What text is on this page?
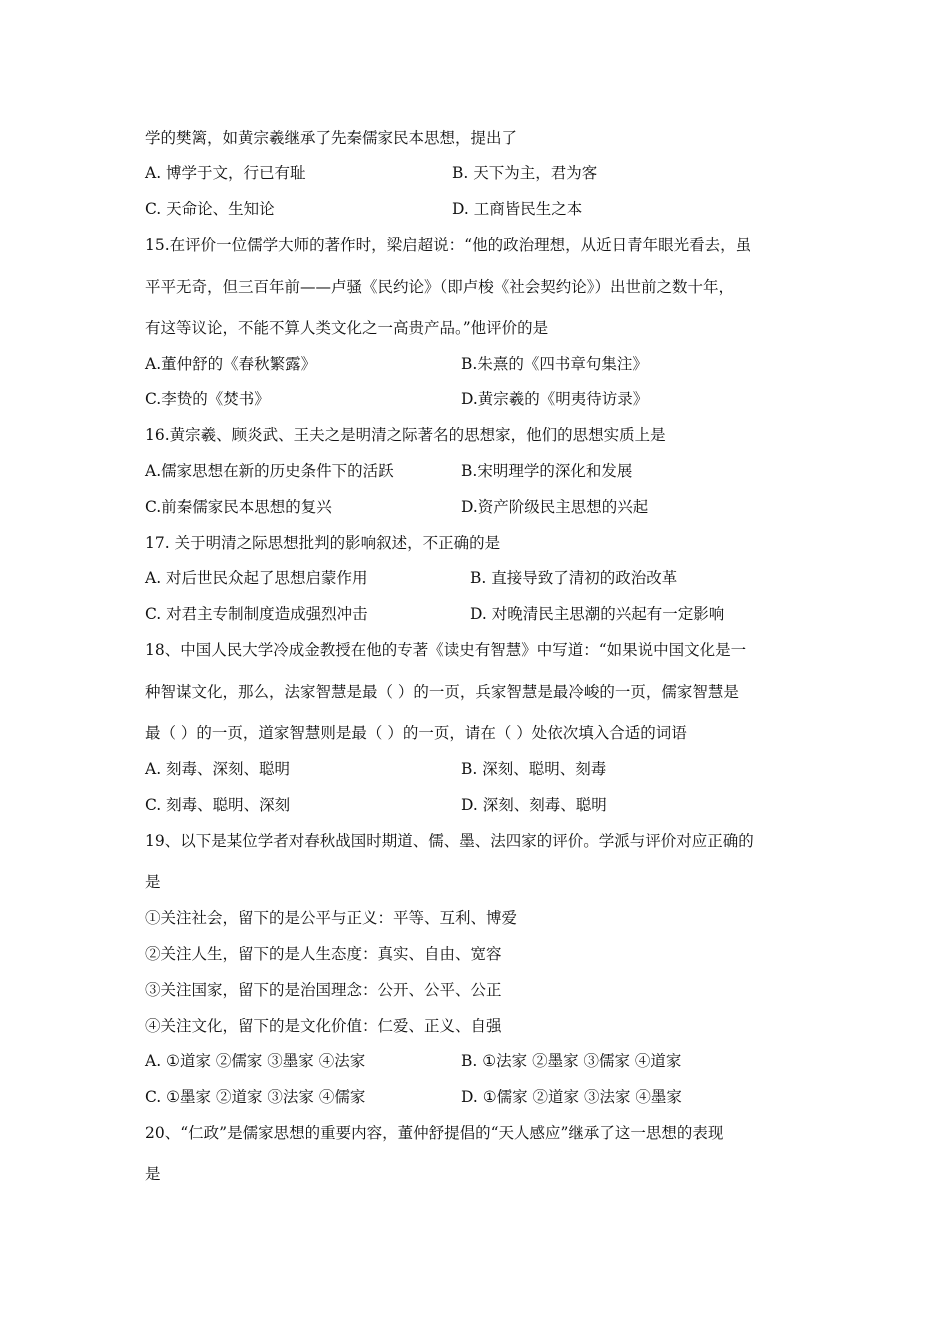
学的樊篱，如黄宗羲继承了先秦儒家民本思想，提出了
A. 博学于文，行已有耻	B. 天下为主，君为客
C. 天命论、生知论	D. 工商皆民生之本
15.在评价一位儒学大师的著作时，梁启超说：“他的政治理想，从近日青年眼光看去，虽
平平无奇，但三百年前——卢骚《民约论》（即卢梭《社会契约论》）出世前之数十年，
有这等议论，不能不算人类文化之一高贵产品。”他评价的是
A.董仲舒的《春秋繁露》	B.朱熹的《四书章句集注》
C.李贽的《焚书》	D.黄宗羲的《明夷待访录》
16.黄宗羲、顾炎武、王夫之是明清之际著名的思想家，他们的思想实质上是
A.儒家思想在新的历史条件下的活跃	B.宋明理学的深化和发展
C.前秦儒家民本思想的复兴	D.资产阶级民主思想的兴起
17. 关于明清之际思想批判的影响叙述，不正确的是
A. 对后世民众起了思想启蒙作用	B. 直接导致了清初的政治改革
C. 对君主专制制度造成强烈冲击	D. 对晚清民主思潮的兴起有一定影响
18、中国人民大学冷成金教授在他的专著《读史有智慧》中写道：“如果说中国文化是一
种智谋文化，那么，法家智慧是最（ ）的一页，兵家智慧是最冷峻的一页，儒家智慧是
最（ ）的一页，道家智慧则是最（ ）的一页，请在（ ）处依次填入合适的词语
A. 刻毒、深刻、聪明	B. 深刻、聪明、刻毒
C. 刻毒、聪明、深刻	D. 深刻、刻毒、聪明
19、以下是某位学者对春秋战国时期道、儒、墨、法四家的评价。学派与评价对应正确的
是
①关注社会，留下的是公平与正义：平等、互利、博爱
②关注人生，留下的是人生态度：真实、自由、宽容
③关注国家，留下的是治国理念：公开、公平、公正
④关注文化，留下的是文化价值：仁爱、正义、自强
A. ①道家 ②儒家 ③墨家 ④法家	B. ①法家 ②墨家 ③儒家 ④道家
C. ①墨家 ②道家 ③法家 ④儒家	D. ①儒家 ②道家 ③法家 ④墨家
20、“仁政”是儒家思想的重要内容，董仲舒提倡的“天人感应”继承了这一思想的表现
是
